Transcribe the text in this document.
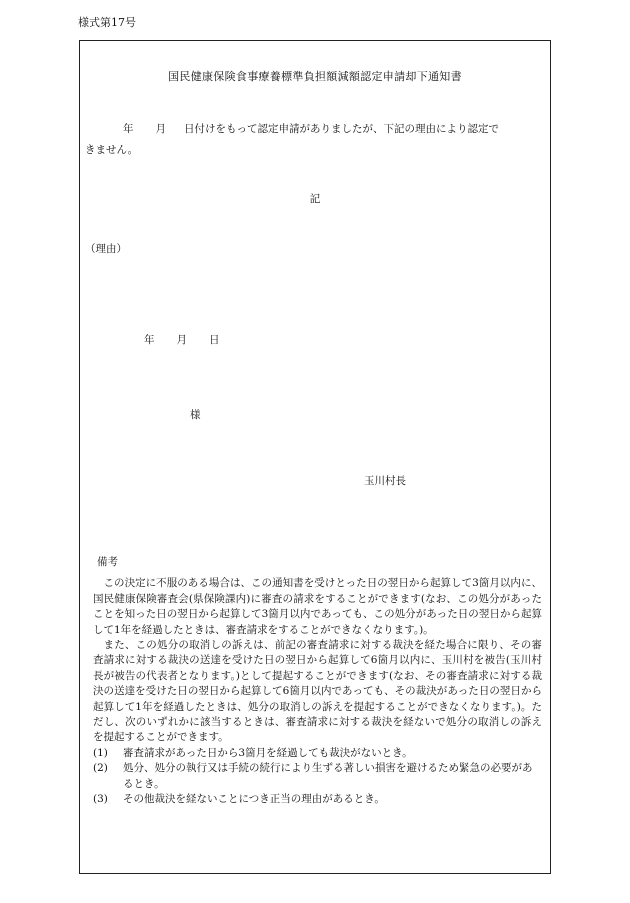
様式第17号
国民健康保険食事療養標準負担額減額認定申請却下通知書
年 月 日付けをもって認定申請がありましたが、下記の理由により認定で
きません。
記
（理由）
年 月 日
様
玉川村長
備考

この決定に不服のある場合は、この通知書を受けとった日の翌日から起算して3箇月以内に、国民健康保険審査会(県保険課内)に審査の請求をすることができます(なお、この処分があったことを知った日の翌日から起算して3箇月以内であっても、この処分があった日の翌日から起算して1年を経過したときは、審査請求をすることができなくなります。)。

また、この処分の取消しの訴えは、前記の審査請求に対する裁決を経た場合に限り、その審査請求に対する裁決の送達を受けた日の翌日から起算して6箇月以内に、玉川村を被告(玉川村長が被告の代表者となります。)として提起することができます(なお、その審査請求に対する裁決の送達を受けた日の翌日から起算して6箇月以内であっても、その裁決があった日の翌日から起算して1年を経過したときは、処分の取消しの訴えを提起することができなくなります。)。ただし、次のいずれかに該当するときは、審査請求に対する裁決を経ないで処分の取消しの訴えを提起することができます。

(1)	審査請求があった日から3箇月を経過しても裁決がないとき。
(2)	処分、処分の執行又は手続の続行により生ずる著しい損害を避けるため緊急の必要があるとき。
(3)	その他裁決を経ないことにつき正当の理由があるとき。
